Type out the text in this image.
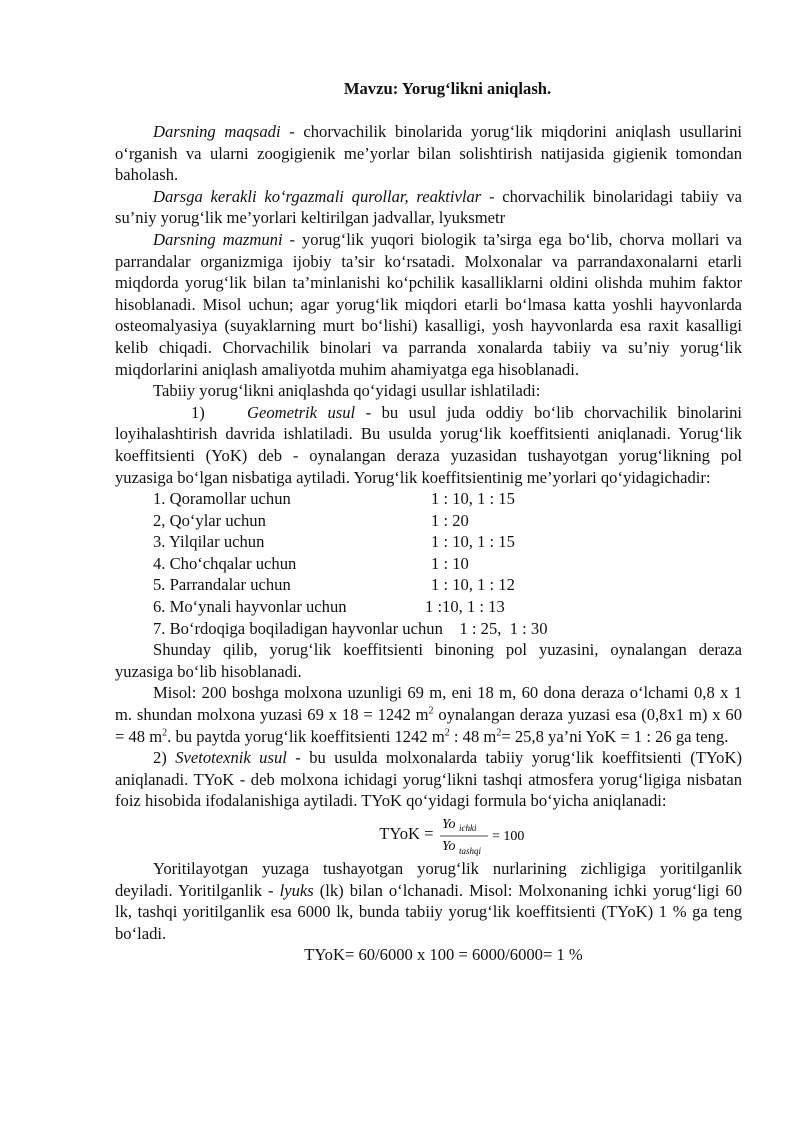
Mavzu: Yorug‘likni aniqlash.

Darsning maqsadi - chorvachilik binolarida yorug‘lik miqdorini aniqlash usullarini o‘rganish va ularni zoogigienik me’yorlar bilan solishtirish natijasida gigienik tomondan baholash.

Darsga kerakli ko‘rgazmali qurollar, reaktivlar - chorvachilik binolaridagi tabiiy va su’niy yorug‘lik me’yorlari keltirilgan jadvallar, lyuksmetr

Darsning mazmuni - yorug‘lik yuqori biologik ta’sirga ega bo‘lib, chorva mollari va parrandalar organizmiga ijobiy ta’sir ko‘rsatadi. Molxonalar va parrandaxonalarni etarli miqdorda yorug‘lik bilan ta’minlanishi ko‘pchilik kasalliklarni oldini olishda muhim faktor hisoblanadi. Misol uchun; agar yorug‘lik miqdori etarli bo‘lmasa katta yoshli hayvonlarda osteomalyasiya (suyaklarning murt bo‘lishi) kasalligi, yosh hayvonlarda esa raxit kasalligi kelib chiqadi. Chorvachilik binolari va parranda xonalarda tabiiy va su’niy yorug‘lik miqdorlarini aniqlash amaliyotda muhim ahamiyatga ega hisoblanadi.

Tabiiy yorug‘likni aniqlashda qo‘yidagi usullar ishlatiladi:

1)	Geometrik usul - bu usul juda oddiy bo‘lib chorvachilik binolarini loyihalashtirish davrida ishlatiladi. Bu usulda yorug‘lik koeffitsienti aniqlanadi. Yorug‘lik koeffitsienti (YoK) deb - oynalangan deraza yuzasidan tushayotgan yorug‘likning pol yuzasiga bo‘lgan nisbatiga aytiladi. Yorug‘lik koeffitsientinig me’yorlari qo‘yidagichadir:

1. Qoramollar uchun	1 : 10, 1 : 15
2, Qo‘ylar uchun	1 : 20
3. Yilqilar uchun	1 : 10, 1 : 15
4. Cho‘chqalar uchun	1 : 10
5. Parrandalar uchun	1 : 10, 1 : 12
6. Mo‘ynali hayvonlar uchun	1 :10, 1 : 13
7. Bo‘rdoqiga boqiladigan hayvonlar uchun    1 : 25,  1 : 30

Shunday qilib, yorug‘lik koeffitsienti binoning pol yuzasini, oynalangan deraza yuzasiga bo‘lib hisoblanadi.

Misol: 200 boshga molxona uzunligi 69 m, eni 18 m, 60 dona deraza o‘lchami 0,8 x 1 m. shundan molxona yuzasi 69 x 18 = 1242 $m^2$ oynalangan deraza yuzasi esa (0,8x1 m) x 60 = 48 $m^2$. bu paytda yorug‘lik koeffitsienti 1242 $m^2$ : 48 $m^2= 25,8$ ya’ni YoK = 1 : 26 ga teng.

2) Svetotexnik usul - bu usulda molxonalarda tabiiy yorug‘lik koeffitsienti (TYoK) aniqlanadi. TYoK - deb molxona ichidagi yorug‘likni tashqi atmosfera yorug‘ligiga nisbatan foiz hisobida ifodalanishiga aytiladi. TYoK qo‘yidagi formula bo‘yicha aniqlanadi:

TYoK = Yo ichki
Yo tashqi
= 100

Yoritilayotgan yuzaga tushayotgan yorug‘lik nurlarining zichligiga yoritilganlik deyiladi. Yoritilganlik - lyuks (lk) bilan o‘lchanadi. Misol: Molxonaning ichki yorug‘ligi 60 lk, tashqi yoritilganlik esa 6000 lk, bunda tabiiy yorug‘lik koeffitsienti (TYoK) 1 % ga teng bo‘ladi.

TYoK= 60/6000 x 100 = 6000/6000= 1 %
